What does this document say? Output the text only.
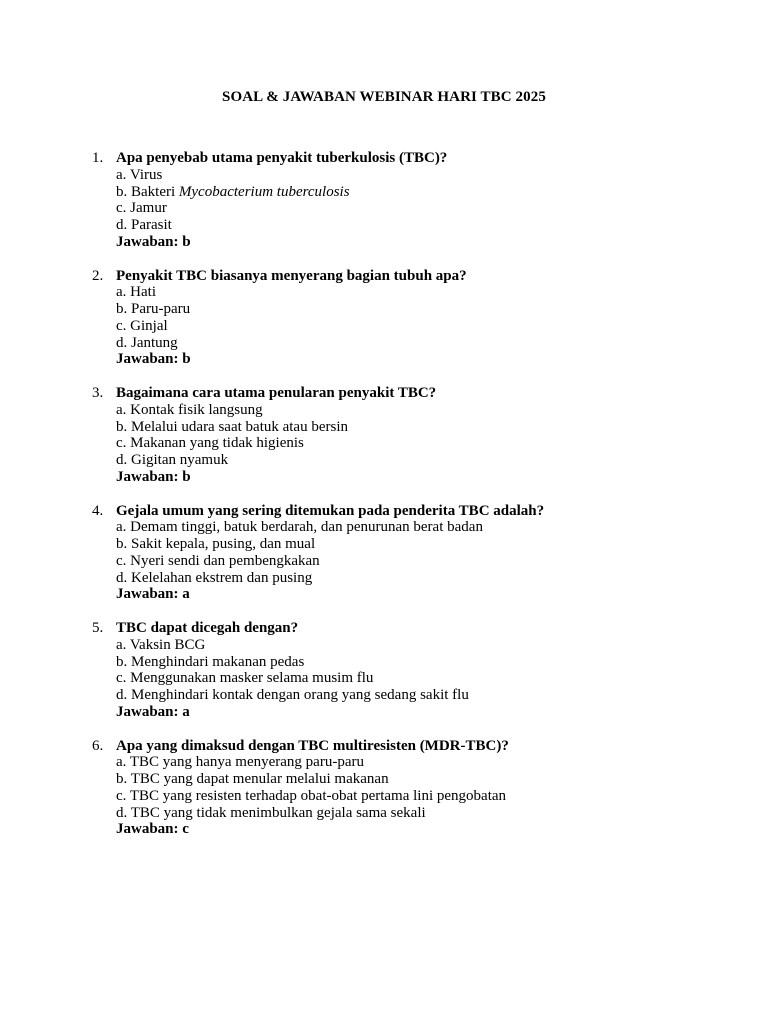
SOAL & JAWABAN WEBINAR HARI TBC 2025
1. Apa penyebab utama penyakit tuberkulosis (TBC)?
a. Virus
b. Bakteri Mycobacterium tuberculosis
c. Jamur
d. Parasit
Jawaban: b
2. Penyakit TBC biasanya menyerang bagian tubuh apa?
a. Hati
b. Paru-paru
c. Ginjal
d. Jantung
Jawaban: b
3. Bagaimana cara utama penularan penyakit TBC?
a. Kontak fisik langsung
b. Melalui udara saat batuk atau bersin
c. Makanan yang tidak higienis
d. Gigitan nyamuk
Jawaban: b
4. Gejala umum yang sering ditemukan pada penderita TBC adalah?
a. Demam tinggi, batuk berdarah, dan penurunan berat badan
b. Sakit kepala, pusing, dan mual
c. Nyeri sendi dan pembengkakan
d. Kelelahan ekstrem dan pusing
Jawaban: a
5. TBC dapat dicegah dengan?
a. Vaksin BCG
b. Menghindari makanan pedas
c. Menggunakan masker selama musim flu
d. Menghindari kontak dengan orang yang sedang sakit flu
Jawaban: a
6. Apa yang dimaksud dengan TBC multiresisten (MDR-TBC)?
a. TBC yang hanya menyerang paru-paru
b. TBC yang dapat menular melalui makanan
c. TBC yang resisten terhadap obat-obat pertama lini pengobatan
d. TBC yang tidak menimbulkan gejala sama sekali
Jawaban: c
